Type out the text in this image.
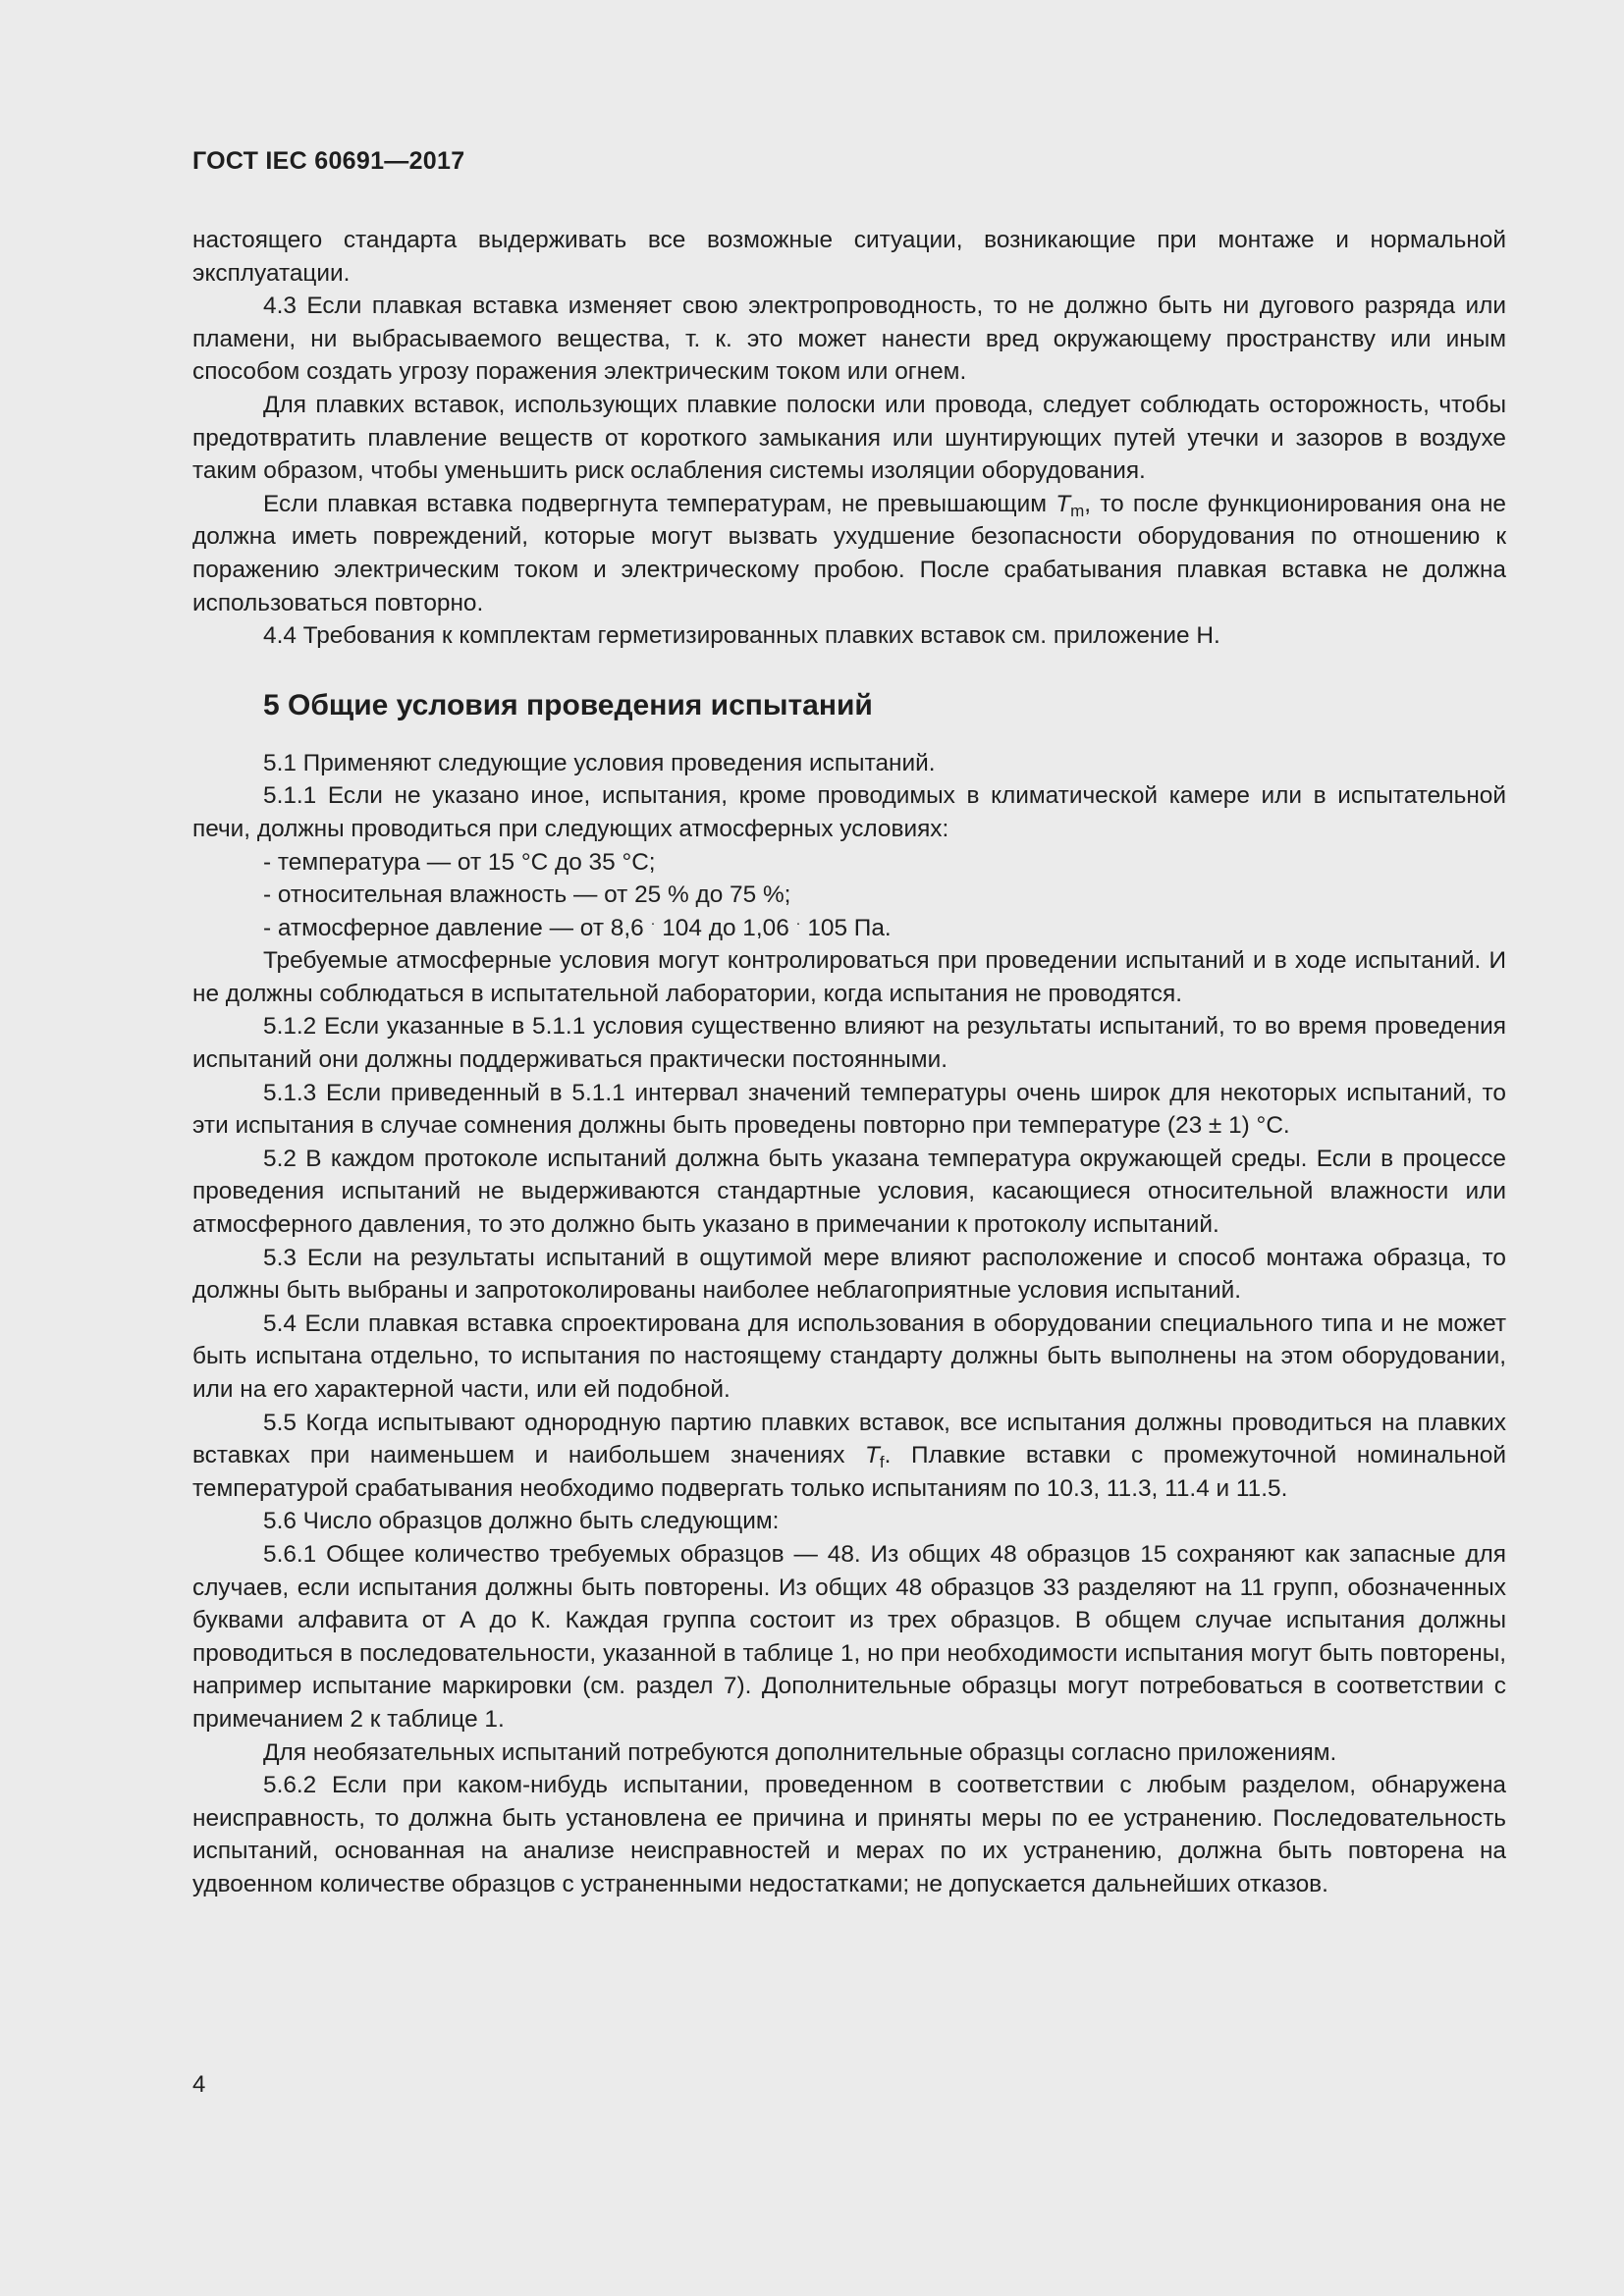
ГОСТ IEC 60691—2017

настоящего стандарта выдерживать все возможные ситуации, возникающие при монтаже и нормальной эксплуатации.

4.3 Если плавкая вставка изменяет свою электропроводность, то не должно быть ни дугового разряда или пламени, ни выбрасываемого вещества, т. к. это может нанести вред окружающему пространству или иным способом создать угрозу поражения электрическим током или огнем.

Для плавких вставок, использующих плавкие полоски или провода, следует соблюдать осторожность, чтобы предотвратить плавление веществ от короткого замыкания или шунтирующих путей утечки и зазоров в воздухе таким образом, чтобы уменьшить риск ослабления системы изоляции оборудования.

Если плавкая вставка подвергнута температурам, не превышающим $T_m$, то после функционирования она не должна иметь повреждений, которые могут вызвать ухудшение безопасности оборудования по отношению к поражению электрическим током и электрическому пробою. После срабатывания плавкая вставка не должна использоваться повторно.

4.4 Требования к комплектам герметизированных плавких вставок см. приложение Н.

5 Общие условия проведения испытаний

5.1 Применяют следующие условия проведения испытаний.

5.1.1 Если не указано иное, испытания, кроме проводимых в климатической камере или в испытательной печи, должны проводиться при следующих атмосферных условиях:

- температура — от 15 °С до 35 °С;

- относительная влажность — от 25 % до 75 %;

- атмосферное давление — от 8,6 · 104 до 1,06 · 105 Па.

Требуемые атмосферные условия могут контролироваться при проведении испытаний и в ходе испытаний. И не должны соблюдаться в испытательной лаборатории, когда испытания не проводятся.

5.1.2 Если указанные в 5.1.1 условия существенно влияют на результаты испытаний, то во время проведения испытаний они должны поддерживаться практически постоянными.

5.1.3 Если приведенный в 5.1.1 интервал значений температуры очень широк для некоторых испытаний, то эти испытания в случае сомнения должны быть проведены повторно при температуре (23 ± 1) °С.

5.2 В каждом протоколе испытаний должна быть указана температура окружающей среды. Если в процессе проведения испытаний не выдерживаются стандартные условия, касающиеся относительной влажности или атмосферного давления, то это должно быть указано в примечании к протоколу испытаний.

5.3 Если на результаты испытаний в ощутимой мере влияют расположение и способ монтажа образца, то должны быть выбраны и запротоколированы наиболее неблагоприятные условия испытаний.

5.4 Если плавкая вставка спроектирована для использования в оборудовании специального типа и не может быть испытана отдельно, то испытания по настоящему стандарту должны быть выполнены на этом оборудовании, или на его характерной части, или ей подобной.

5.5 Когда испытывают однородную партию плавких вставок, все испытания должны проводиться на плавких вставках при наименьшем и наибольшем значениях $T_f$. Плавкие вставки с промежуточной номинальной температурой срабатывания необходимо подвергать только испытаниям по 10.3, 11.3, 11.4 и 11.5.

5.6 Число образцов должно быть следующим:

5.6.1 Общее количество требуемых образцов — 48. Из общих 48 образцов 15 сохраняют как запасные для случаев, если испытания должны быть повторены. Из общих 48 образцов 33 разделяют на 11 групп, обозначенных буквами алфавита от А до К. Каждая группа состоит из трех образцов. В общем случае испытания должны проводиться в последовательности, указанной в таблице 1, но при необходимости испытания могут быть повторены, например испытание маркировки (см. раздел 7). Дополнительные образцы могут потребоваться в соответствии с примечанием 2 к таблице 1.

Для необязательных испытаний потребуются дополнительные образцы согласно приложениям.

5.6.2 Если при каком-нибудь испытании, проведенном в соответствии с любым разделом, обнаружена неисправность, то должна быть установлена ее причина и приняты меры по ее устранению. Последовательность испытаний, основанная на анализе неисправностей и мерах по их устранению, должна быть повторена на удвоенном количестве образцов с устраненными недостатками; не допускается дальнейших отказов.

4
